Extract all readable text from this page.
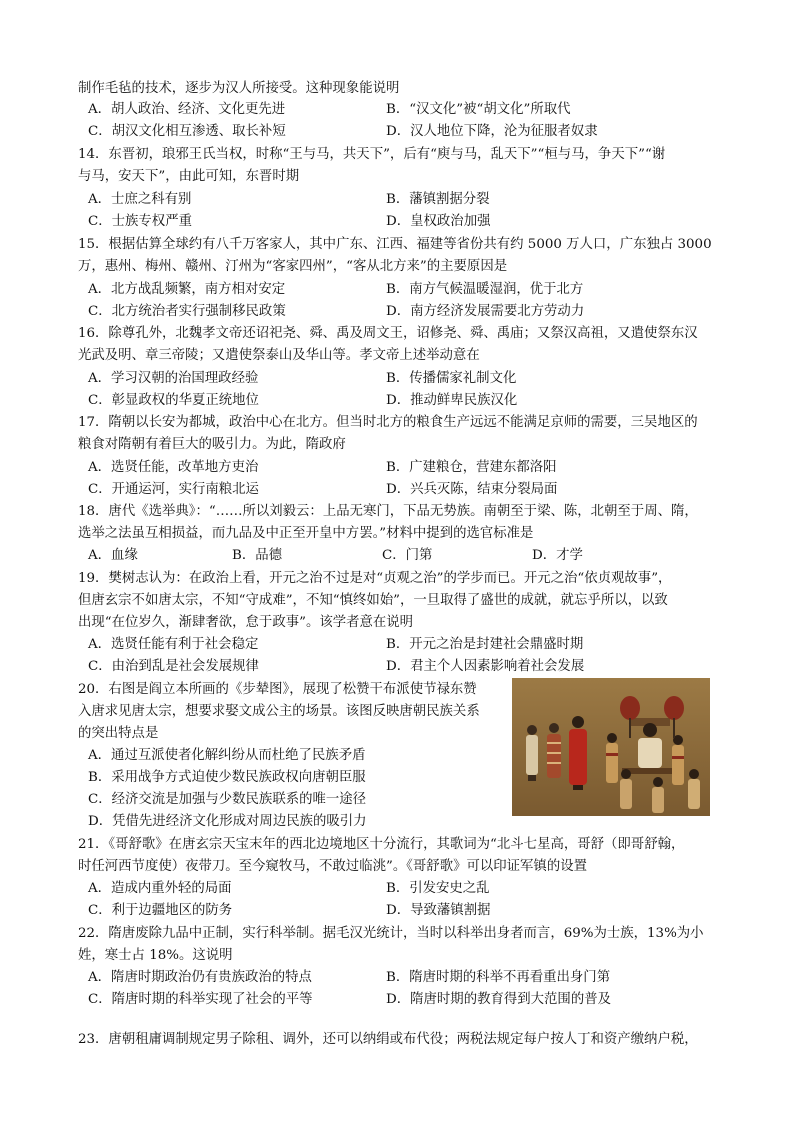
制作毛毡的技术，逐步为汉人所接受。这种现象能说明
A．胡人政治、经济、文化更先进	B．“汉文化”被“胡文化”所取代
C．胡汉文化相互渗透、取长补短	D．汉人地位下降，沦为征服者奴隶
14．东晋初，琅邪王氏当权，时称“王与马，共天下”，后有“庾与马，乱天下”“桓与马，争天下”“谢
与马，安天下”，由此可知，东晋时期
A．士庶之科有别	B．藩镇割据分裂
C．士族专权严重	D．皇权政治加强
15．根据估算全球约有八千万客家人，其中广东、江西、福建等省份共有约 5000 万人口，广东独占 3000
万，惠州、梅州、赣州、汀州为“客家四州”，“客从北方来”的主要原因是
A．北方战乱频繁，南方相对安定	B．南方气候温暖湿润，优于北方
C．北方统治者实行强制移民政策	D．南方经济发展需要北方劳动力
16．除尊孔外，北魏孝文帝还诏祀尧、舜、禹及周文王，诏修尧、舜、禹庙；又祭汉高祖，又遣使祭东汉
光武及明、章三帝陵；又遣使祭泰山及华山等。孝文帝上述举动意在
A．学习汉朝的治国理政经验	B．传播儒家礼制文化
C．彰显政权的华夏正统地位	D．推动鲜卑民族汉化
17．隋朝以长安为都城，政治中心在北方。但当时北方的粮食生产远远不能满足京师的需要，三吴地区的
粮食对隋朝有着巨大的吸引力。为此，隋政府
A．选贤任能，改革地方吏治	B．广建粮仓，营建东都洛阳
C．开通运河，实行南粮北运	D．兴兵灭陈，结束分裂局面
18．唐代《选举典》：“……所以刘毅云：上品无寒门，下品无势族。南朝至于梁、陈，北朝至于周、隋，
选举之法虽互相损益，而九品及中正至开皇中方罢。”材料中提到的选官标准是
A．血缘	B．品德	C．门第	D．才学
19．樊树志认为：在政治上看，开元之治不过是对“贞观之治”的学步而已。开元之治“依贞观故事”，
但唐玄宗不如唐太宗，不知“守成难”，不知“慎终如始”，一旦取得了盛世的成就，就忘乎所以，以致
出现“在位岁久，渐肆奢欲，怠于政事”。该学者意在说明
A．选贤任能有利于社会稳定	B．开元之治是封建社会鼎盛时期
C．由治到乱是社会发展规律	D．君主个人因素影响着社会发展
20．右图是阎立本所画的《步辇图》，展现了松赞干布派使节禄东赞
入唐求见唐太宗，想要求娶文成公主的场景。该图反映唐朝民族关系
的突出特点是
A．通过互派使者化解纠纷从而杜绝了民族矛盾
B．采用战争方式迫使少数民族政权向唐朝臣服
C．经济交流是加强与少数民族联系的唯一途径
D．凭借先进经济文化形成对周边民族的吸引力
21．《哥舒歌》在唐玄宗天宝末年的西北边境地区十分流行，其歌词为“北斗七星高，哥舒（即哥舒翰，
时任河西节度使）夜带刀。至今窥牧马，不敢过临洮”。《哥舒歌》可以印证军镇的设置
A．造成内重外轻的局面	B．引发安史之乱
C．利于边疆地区的防务	D．导致藩镇割据
22．隋唐废除九品中正制，实行科举制。据毛汉光统计，当时以科举出身者而言，69%为士族，13%为小
姓，寒士占 18%。这说明
A．隋唐时期政治仍有贵族政治的特点	B．隋唐时期的科举不再看重出身门第
C．隋唐时期的科举实现了社会的平等	D．隋唐时期的教育得到大范围的普及
23．唐朝租庸调制规定男子除租、调外，还可以纳绢或布代役；两税法规定每户按人丁和资产缴纳户税，
